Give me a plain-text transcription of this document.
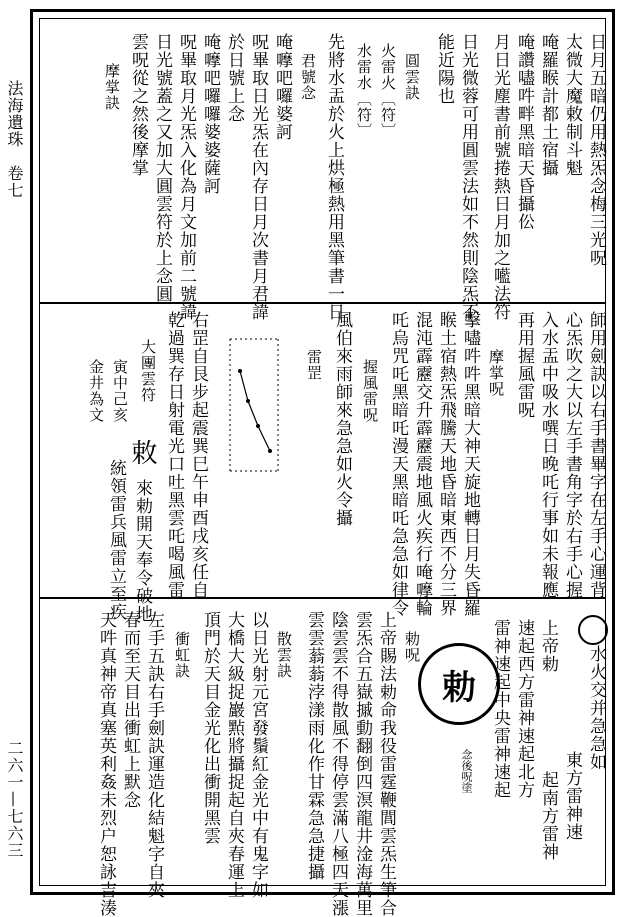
法海遺珠　卷七
二六一—七六三
日月五暗仍用熱炁念梅三光呪
太微大魔敕制斗魁
唵羅睺計都土宿攝
唵讚嚍吽畔黑暗天昏攝伀
月日光塵書前號捲熱日月加之㘕法符
日光微蓉可用圓雲法如不然則陰炁不
能近陽也
圓雲訣
火雷火〔符〕
水雷水〔符〕
先將水盂於火上烘極熱用黑筆書一日
君號念
唵嚤吧囉婆訶
呪畢取日光炁在內存日月次書月君諱
於日號上念
唵嚤吧囉囉婆婆薩訶
呪畢取月光炁入化為月文加前二號諱
日光號蓋之又加大圓雲符於上念圓
雲呪從之然後摩掌
摩掌訣
師用劍訣以右手書畢字在左手心運背
心炁吹之大以左手書角字於右手心握
入水盂中吸水噀日晚吒行事如未報應
再用握風雷呪
摩掌呪
擊嚍吽吽黑暗大神天旋地轉日月失昏羅
睺土宿熱炁飛騰天地昏暗東西不分三界
混沌霹靂交升霹靂震地風火疾行唵嚤輪
吒烏咒吒黑暗吒漫天黑暗吒急急如律令
握風雷呪
風伯來雨師來急急如火令攝
雷罡
右罡自艮步起震巽巳午申酉戌亥任自
乾過巽存日射電光口吐黑雲吒喝風雷
大團雲符
寅中己亥
金井為文
敕
來勅開天奉令破地
統領雷兵風雷立至疾
水火交并急急如
東方雷神速
上帝勅
起南方雷神
速起西方雷神速起北方
雷神速起中央雷神速起
勅
勅呪
上帝賜法勅命我役雷霆鞭閭雲炁生筆合
雲炁合五嶽摵動翻倒四溟龍井淦海萬里
陰雲雲不得散風不得停雲滿八極四天漲
雲雲蓊蓊浡漾雨化作甘霖急急捷攝
散雲訣
以日光射元宮發鬚紅金光中有鬼字如
大橋大級捉巖㸃將攝捉起自夾春運上
頂門於天目金光化出衝開黑雲
衝虹訣
左手五訣右手劍訣運造化結魁字自夾
春而至天目出衝虹上默念
天吽真神帝真塞英利姦未烈户恕詠吉湊	念後呪塗
